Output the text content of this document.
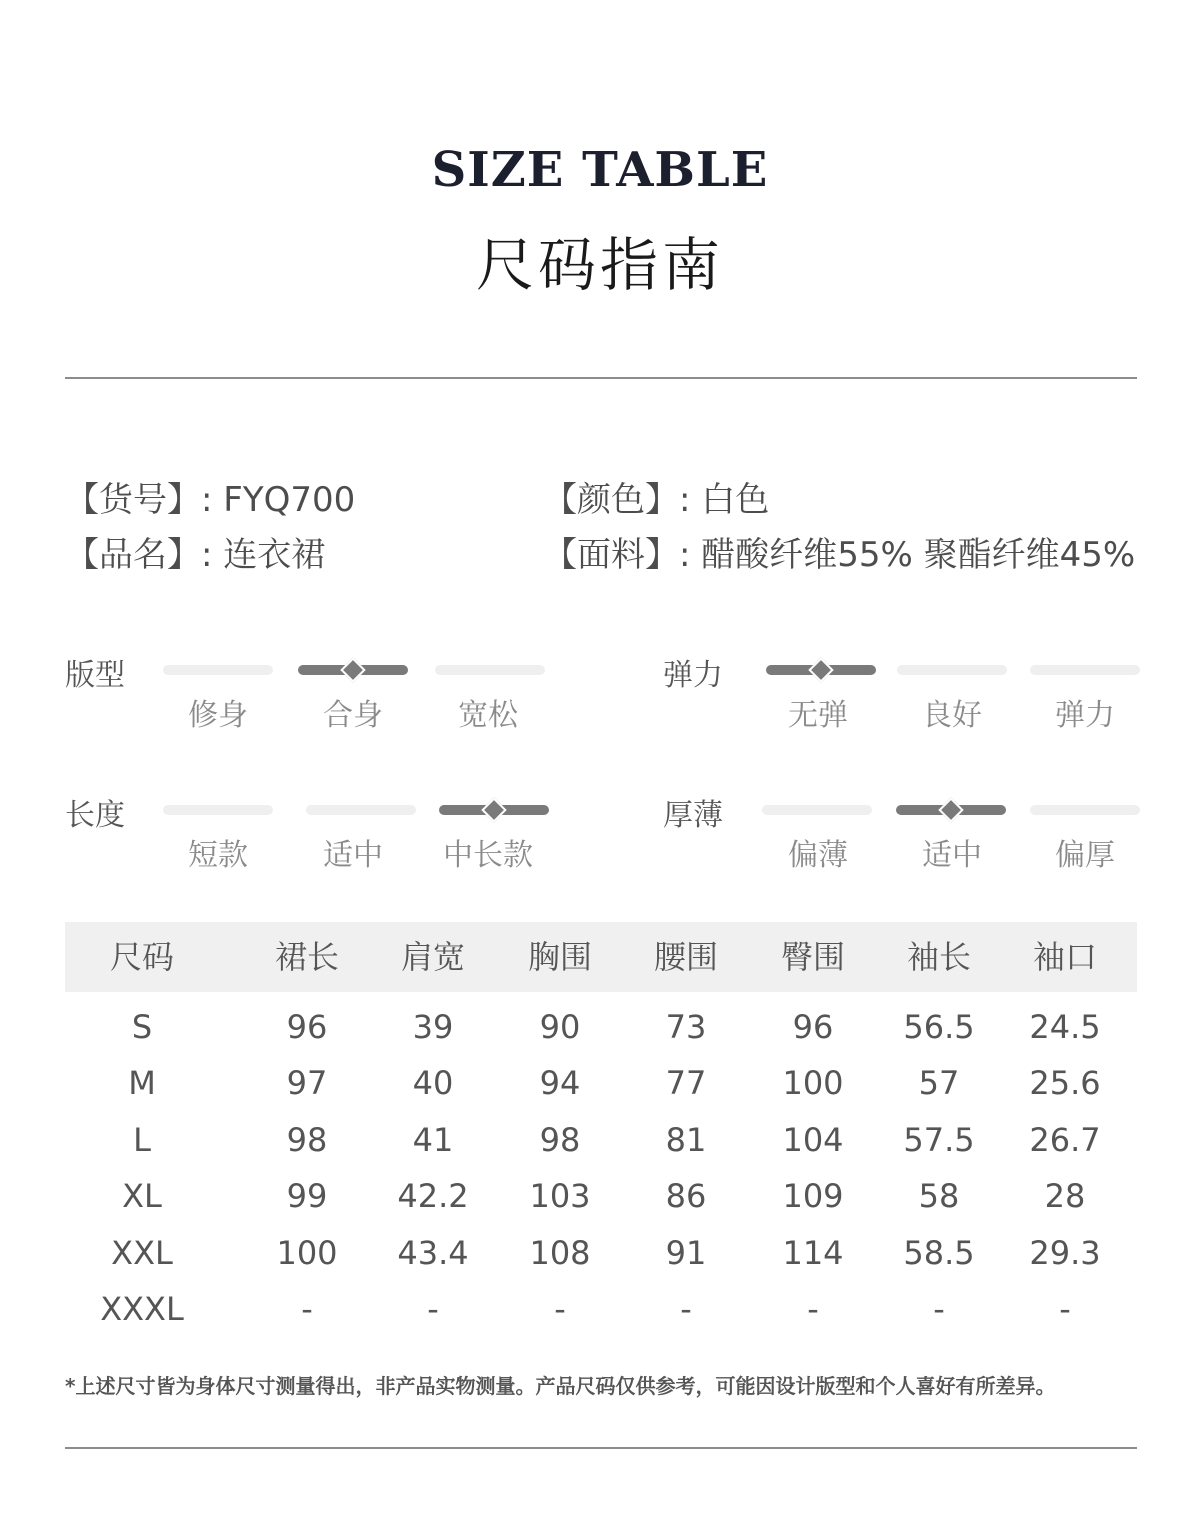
SIZE TABLE
尺码指南
【货号】: FYQ700	【颜色】: 白色
【品名】: 连衣裙	【面料】: 醋酸纤维55% 聚酯纤维45%
版型
修身	合身	宽松
弹力
无弹	良好	弹力
长度
短款	适中	中长款
厚薄
偏薄	适中	偏厚
尺码	裙长	肩宽	胸围	腰围	臀围	袖长	袖口
S	96	39	90	73	96	56.5	24.5
M	97	40	94	77	100	57	25.6
L	98	41	98	81	104	57.5	26.7
XL	99	42.2	103	86	109	58	28
XXL	100	43.4	108	91	114	58.5	29.3
XXXL	-	-	-	-	-	-	-
*上述尺寸皆为身体尺寸测量得出，非产品实物测量。产品尺码仅供参考，可能因设计版型和个人喜好有所差异。
